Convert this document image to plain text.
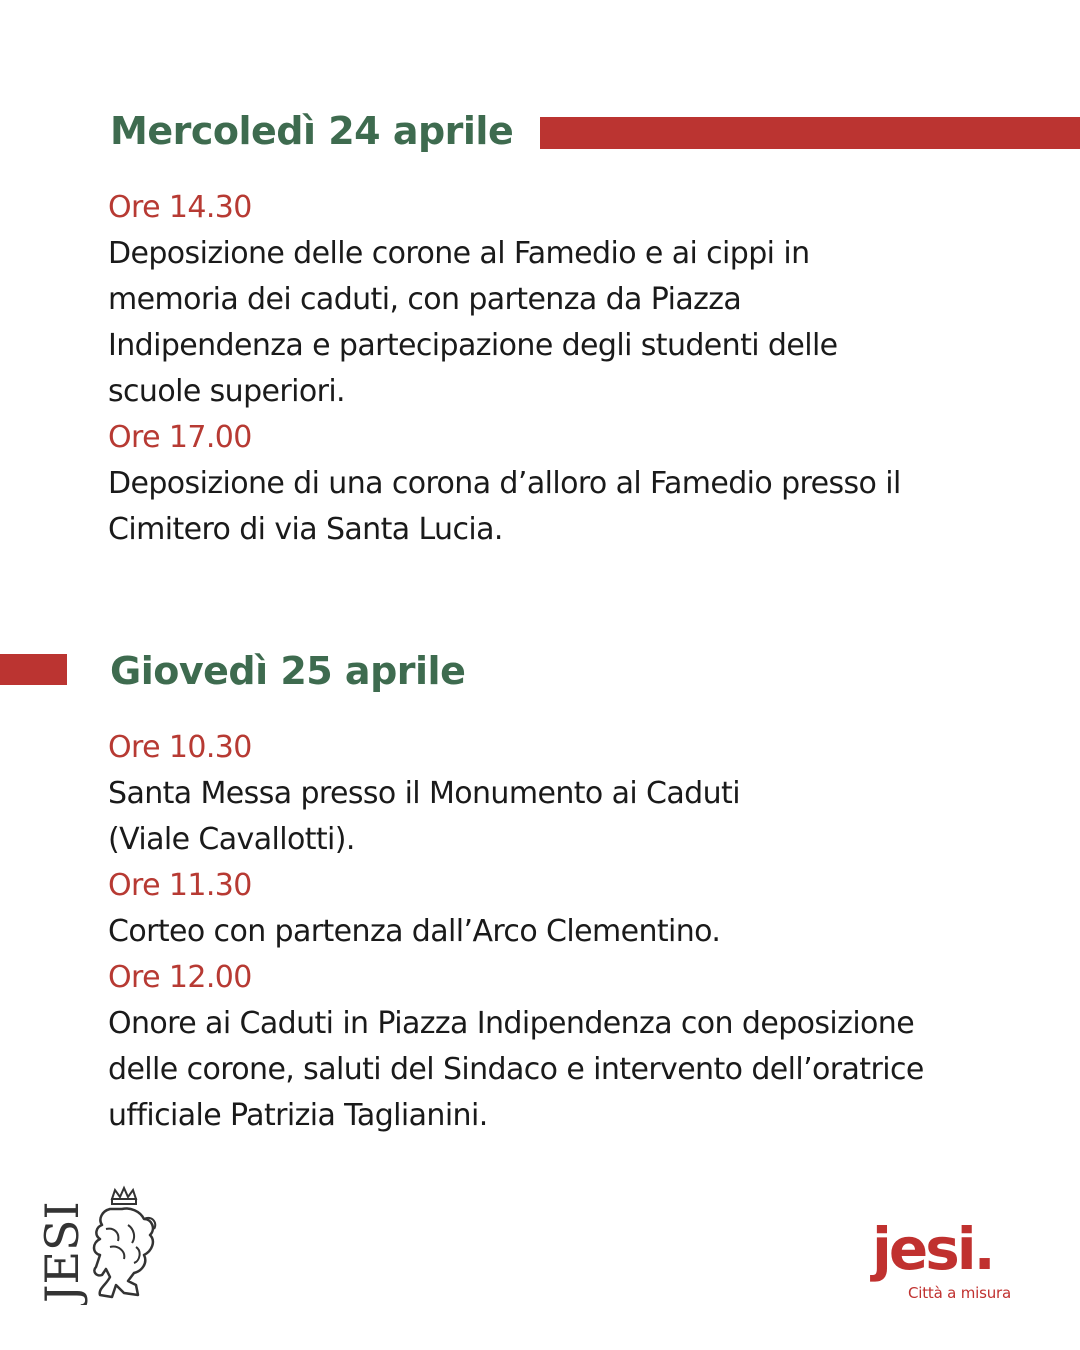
Mercoledì 24 aprile

Ore 14.30

Deposizione delle corone al Famedio e ai cippi in
memoria dei caduti, con partenza da Piazza
Indipendenza e partecipazione degli studenti delle
scuole superiori.

Ore 17.00

Deposizione di una corona d’alloro al Famedio presso il
Cimitero di via Santa Lucia.

Giovedì 25 aprile

Ore 10.30

Santa Messa presso il Monumento ai Caduti
(Viale Cavallotti).

Ore 11.30

Corteo con partenza dall’Arco Clementino.

Ore 12.00

Onore ai Caduti in Piazza Indipendenza con deposizione
delle corone, saluti del Sindaco e intervento dell’oratrice
ufficiale Patrizia Taglianini.

JESI	jesi.
Città a misura
